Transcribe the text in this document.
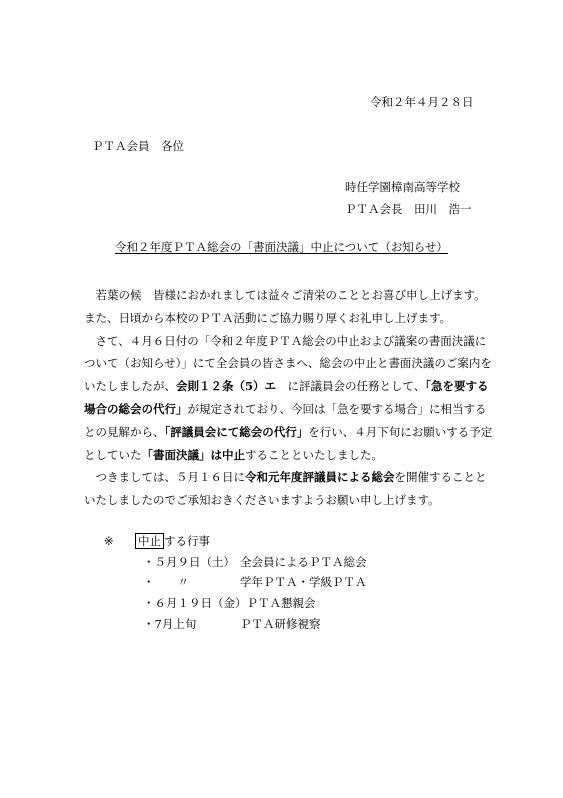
令和２年４月２８日
ＰＴＡ会員　各位
時任学園樟南高等学校
ＰＴＡ会長　田川　浩一
令和２年度ＰＴＡ総会の「書面決議」中止について（お知らせ）

　若葉の候　皆様におかれましては益々ご清栄のこととお喜び申し上げます。

また、日頃から本校のＰＴＡ活動にご協力賜り厚くお礼申し上げます。

　さて、４月６日付の「令和２年度ＰＴＡ総会の中止および議案の書面決議に

ついて（お知らせ）」にて全会員の皆さまへ、総会の中止と書面決議のご案内を

いたしましたが、会則１２条（5）エ　に評議員会の任務として、「急を要する

場合の総会の代行」が規定されており、今回は「急を要する場合」に相当する

との見解から、「評議員会にて総会の代行」を行い、４月下旬にお願いする予定

としていた「書面決議」は中止することといたしました。

　つきましては、５月１６日に令和元年度評議員による総会を開催することと

いたしましたのでご承知おきくださいますようお願い申し上げます。

※ 中止 する行事
・５月９日（土） 全会員によるＰＴＡ総会
・　　〃	学年ＰＴＡ・学級ＰＴＡ
・６月１９日（金）ＰＴＡ懇親会
・7月上旬	ＰＴＡ研修視察
